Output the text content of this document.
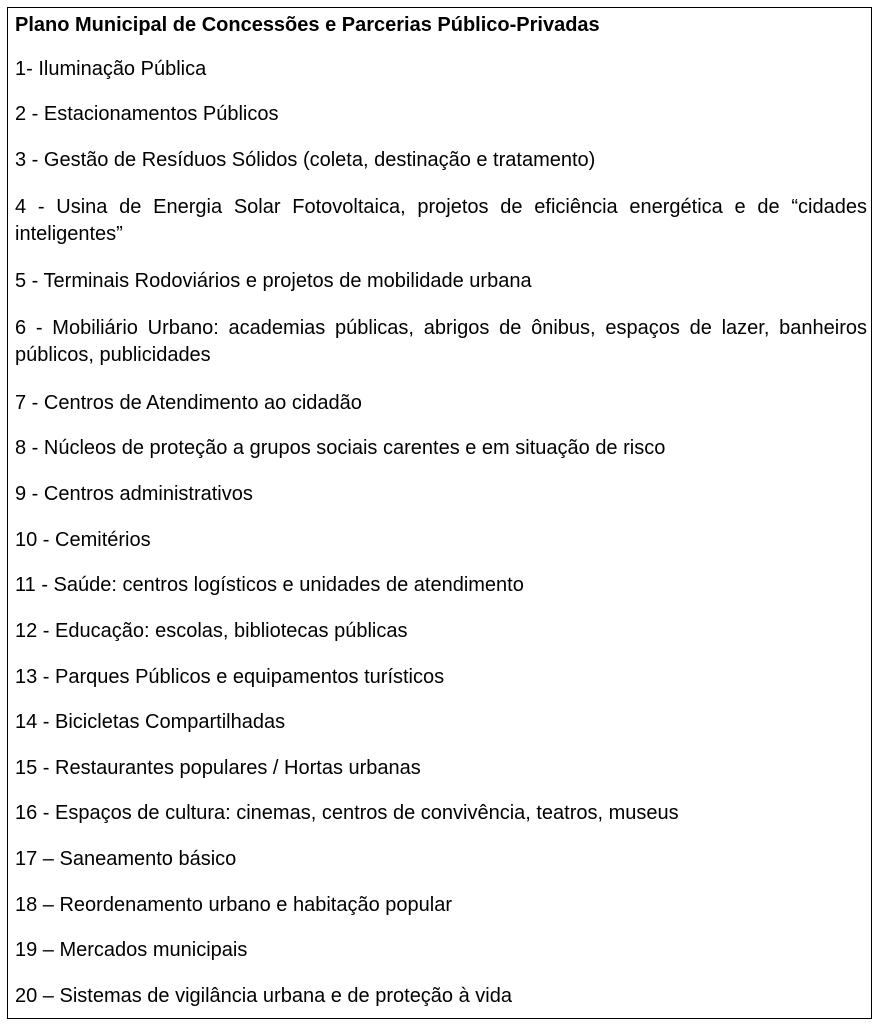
Plano Municipal de Concessões e Parcerias Público-Privadas
1- Iluminação Pública
2 - Estacionamentos Públicos
3 - Gestão de Resíduos Sólidos (coleta, destinação e tratamento)
4 - Usina de Energia Solar Fotovoltaica, projetos de eficiência energética e de “cidades inteligentes”
5 - Terminais Rodoviários e projetos de mobilidade urbana
6 - Mobiliário Urbano: academias públicas, abrigos de ônibus, espaços de lazer, banheiros públicos, publicidades
7 - Centros de Atendimento ao cidadão
8 - Núcleos de proteção a grupos sociais carentes e em situação de risco
9 - Centros administrativos
10 - Cemitérios
11 - Saúde: centros logísticos e unidades de atendimento
12 - Educação: escolas, bibliotecas públicas
13 - Parques Públicos e equipamentos turísticos
14 - Bicicletas Compartilhadas
15 - Restaurantes populares / Hortas urbanas
16 - Espaços de cultura: cinemas, centros de convivência, teatros, museus
17 – Saneamento básico
18 – Reordenamento urbano e habitação popular
19 – Mercados municipais
20 – Sistemas de vigilância urbana e de proteção à vida
